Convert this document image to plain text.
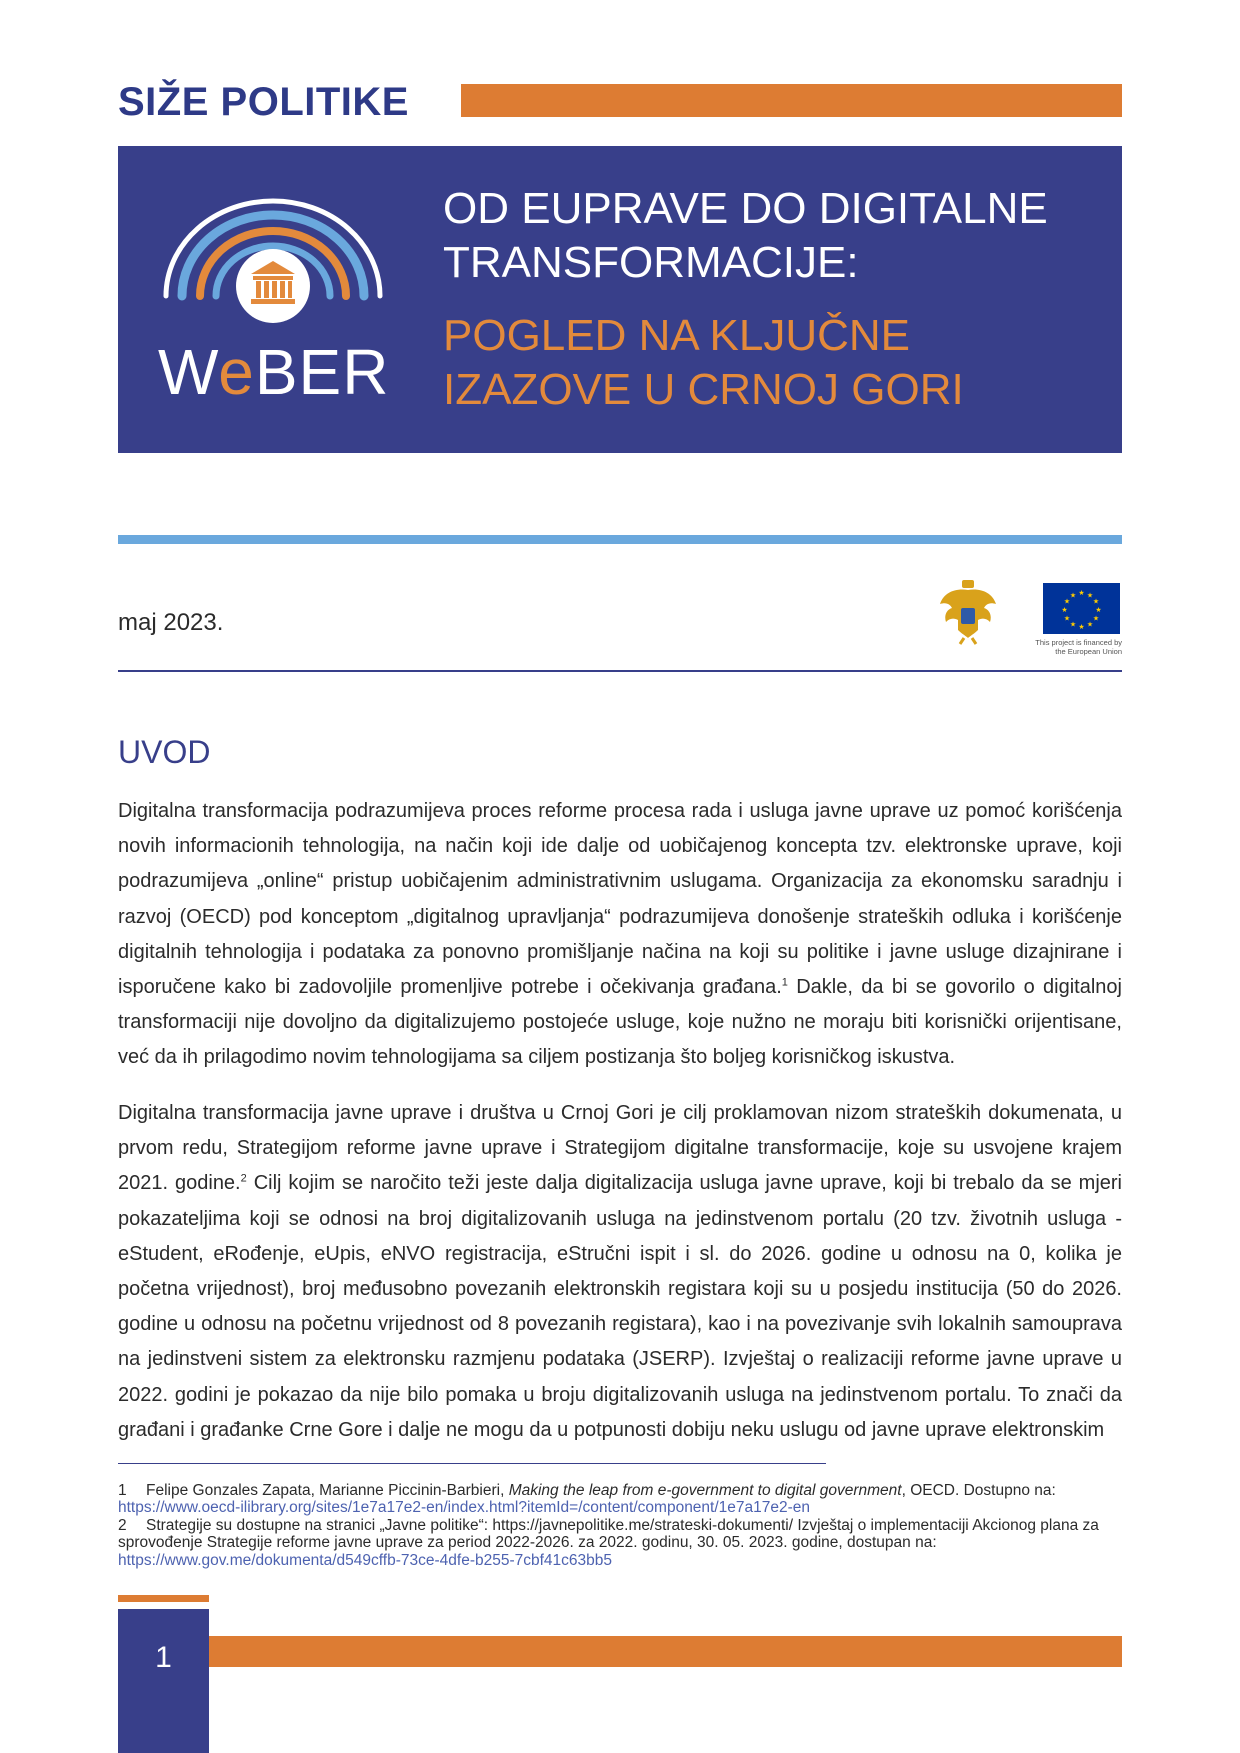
SIŽE POLITIKE
WeBER
OD EUPRAVE DO DIGITALNE
TRANSFORMACIJE:
POGLED NA KLJUČNE
IZAZOVE U CRNOJ GORI
maj 2023.
★ ★
★
★
★
★
★
★
★
★
★
★
This project is financed by the European Union
UVOD

Digitalna transformacija podrazumijeva proces reforme procesa rada i usluga javne uprave uz pomoć korišćenja novih informacionih tehnologija, na način koji ide dalje od uobičajenog koncepta tzv. elektronske uprave, koji podrazumijeva „online“ pristup uobičajenim administrativnim uslugama. Organizacija za ekonomsku saradnju i razvoj (OECD) pod konceptom „digitalnog upravljanja“ podrazumijeva donošenje strateških odluka i korišćenje digitalnih tehnologija i podataka za ponovno promišljanje načina na koji su politike i javne usluge dizajnirane i isporučene kako bi zadovoljile promenljive potrebe i očekivanja građana.$^1$ Dakle, da bi se govorilo o digitalnoj transformaciji nije dovoljno da digitalizujemo postojeće usluge, koje nužno ne moraju biti korisnički orijentisane, već da ih prilagodimo novim tehnologijama sa ciljem postizanja što boljeg korisničkog iskustva.

Digitalna transformacija javne uprave i društva u Crnoj Gori je cilj proklamovan nizom strateških dokumenata, u prvom redu, Strategijom reforme javne uprave i Strategijom digitalne transformacije, koje su usvojene krajem 2021. godine.$^2$ Cilj kojim se naročito teži jeste dalja digitalizacija usluga javne uprave, koji bi trebalo da se mjeri pokazateljima koji se odnosi na broj digitalizovanih usluga na jedinstvenom portalu (20 tzv. životnih usluga - eStudent, eRođenje, eUpis, eNVO registracija, eStručni ispit i sl. do 2026. godine u odnosu na 0, kolika je početna vrijednost), broj međusobno povezanih elektronskih registara koji su u posjedu institucija (50 do 2026. godine u odnosu na početnu vrijednost od 8 povezanih registara), kao i na povezivanje svih lokalnih samouprava na jedinstveni sistem za elektronsku razmjenu podataka (JSERP). Izvještaj o realizaciji reforme javne uprave u 2022. godini je pokazao da nije bilo pomaka u broju digitalizovanih usluga na jedinstvenom portalu. To znači da građani i građanke Crne Gore i dalje ne mogu da u potpunosti dobiju neku uslugu od javne uprave elektronskim

1 Felipe Gonzales Zapata, Marianne Piccinin-Barbieri, Making the leap from e-government to digital government, OECD. Dostupno na:
https://www.oecd-ilibrary.org/sites/1e7a17e2-en/index.html?itemId=/content/component/1e7a17e2-en

2 Strategije su dostupne na stranici „Javne politike“: https://javnepolitike.me/strateski-dokumenti/ Izvještaj o implementaciji Akcionog plana za sprovođenje Strategije reforme javne uprave za period 2022-2026. za 2022. godinu, 30. 05. 2023. godine, dostupan na:
https://www.gov.me/dokumenta/d549cffb-73ce-4dfe-b255-7cbf41c63bb5

1
